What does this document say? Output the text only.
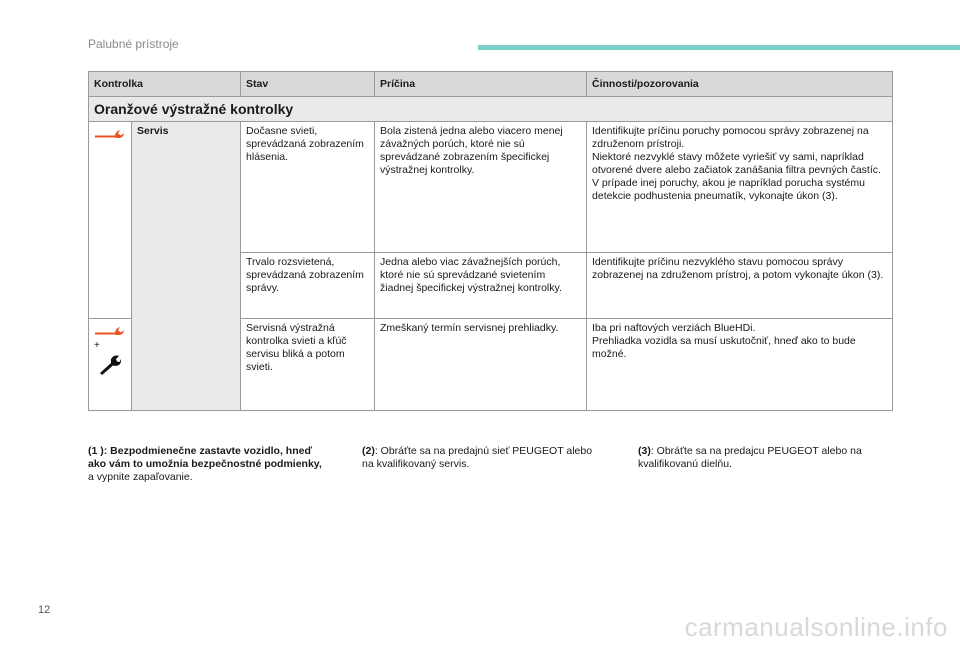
Palubné prístroje
Kontrolka		Stav	Príčina	Činnosti/pozorovania
Oranžové výstražné kontrolky				

	Servis	Dočasne svieti, sprevádzaná zobrazením hlásenia.	Bola zistená jedna alebo viacero menej závažných porúch, ktoré nie sú sprevádzané zobrazením špecifickej výstražnej kontrolky.	Identifikujte príčinu poruchy pomocou správy zobrazenej na združenom prístroji.
Niektoré nezvyklé stavy môžete vyriešiť vy sami, napríklad otvorené dvere alebo začiatok zanášania filtra pevných častíc.
V prípade inej poruchy, akou je napríklad porucha systému detekcie podhustenia pneumatík, vykonajte úkon (3).
		Trvalo rozsvietená, sprevádzaná zobrazením správy.	Jedna alebo viac závažnejších porúch, ktoré nie sú sprevádzané svietením žiadnej špecifickej výstražnej kontrolky.	Identifikujte príčinu nezvyklého stavu pomocou správy zobrazenej na združenom prístroj, a potom vykonajte úkon (3).

+		Servisná výstražná kontrolka svieti a kľúč servisu bliká a potom svieti.	Zmeškaný termín servisnej prehliadky.	Iba pri naftových verziách BlueHDi.
Prehliadka vozidla sa musí uskutočniť, hneď ako to bude možné.
(1 ): Bezpodmienečne zastavte vozidlo, hneď ako vám to umožnia bezpečnostné podmienky, a vypnite zapaľovanie.
(2): Obráťte sa na predajnú sieť PEUGEOT alebo na kvalifikovaný servis.
(3): Obráťte sa na predajcu PEUGEOT alebo na kvalifikovanú dielňu.
12
carmanualsonline.info
